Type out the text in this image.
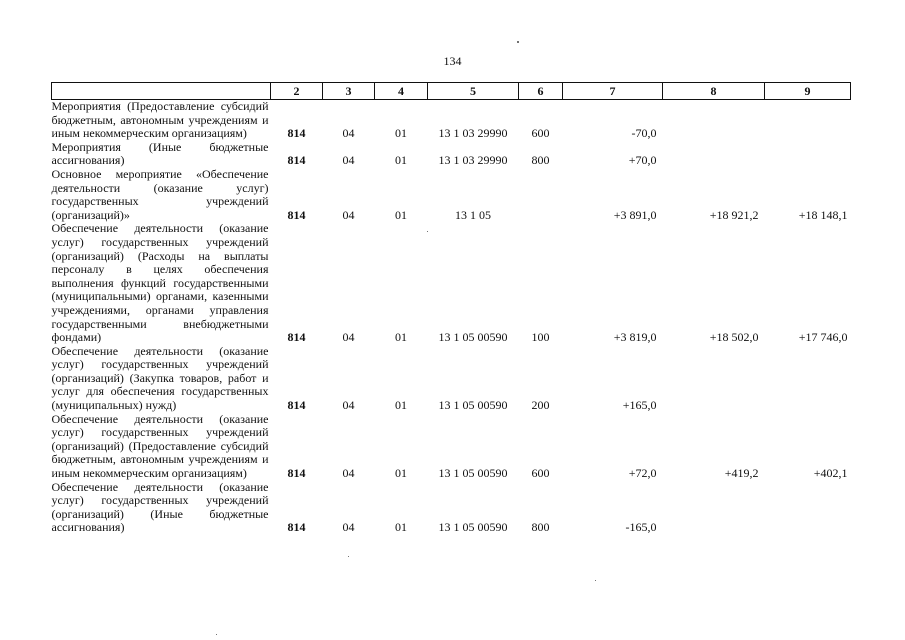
134
	2	3	4	5	6	7	8	9
Мероприятия (Предоставление субсидий бюджетным, автономным учреждениям и иным некоммерческим организациям)	814	04	01	13 1 03 29990	600	-70,0		
Мероприятия (Иные бюджетные ассигнования)	814	04	01	13 1 03 29990	800	+70,0		
Основное мероприятие «Обеспечение деятельности (оказание услуг) государственных учреждений (организаций)»	814	04	01	13 1 05		+3 891,0	+18 921,2	+18 148,1
Обеспечение деятельности (оказание услуг) государственных учреждений (организаций) (Расходы на выплаты персоналу в целях обеспечения выполнения функций государственными (муниципальными) органами, казенными учреждениями, органами управления государственными внебюджетными фондами)	814	04	01	13 1 05 00590	100	+3 819,0	+18 502,0	+17 746,0
Обеспечение деятельности (оказание услуг) государственных учреждений (организаций) (Закупка товаров, работ и услуг для обеспечения государственных (муниципальных) нужд)	814	04	01	13 1 05 00590	200	+165,0		
Обеспечение деятельности (оказание услуг) государственных учреждений (организаций) (Предоставление субсидий бюджетным, автономным учреждениям и иным некоммерческим организациям)	814	04	01	13 1 05 00590	600	+72,0	+419,2	+402,1
Обеспечение деятельности (оказание услуг) государственных учреждений (организаций) (Иные бюджетные ассигнования)	814	04	01	13 1 05 00590	800	-165,0		
